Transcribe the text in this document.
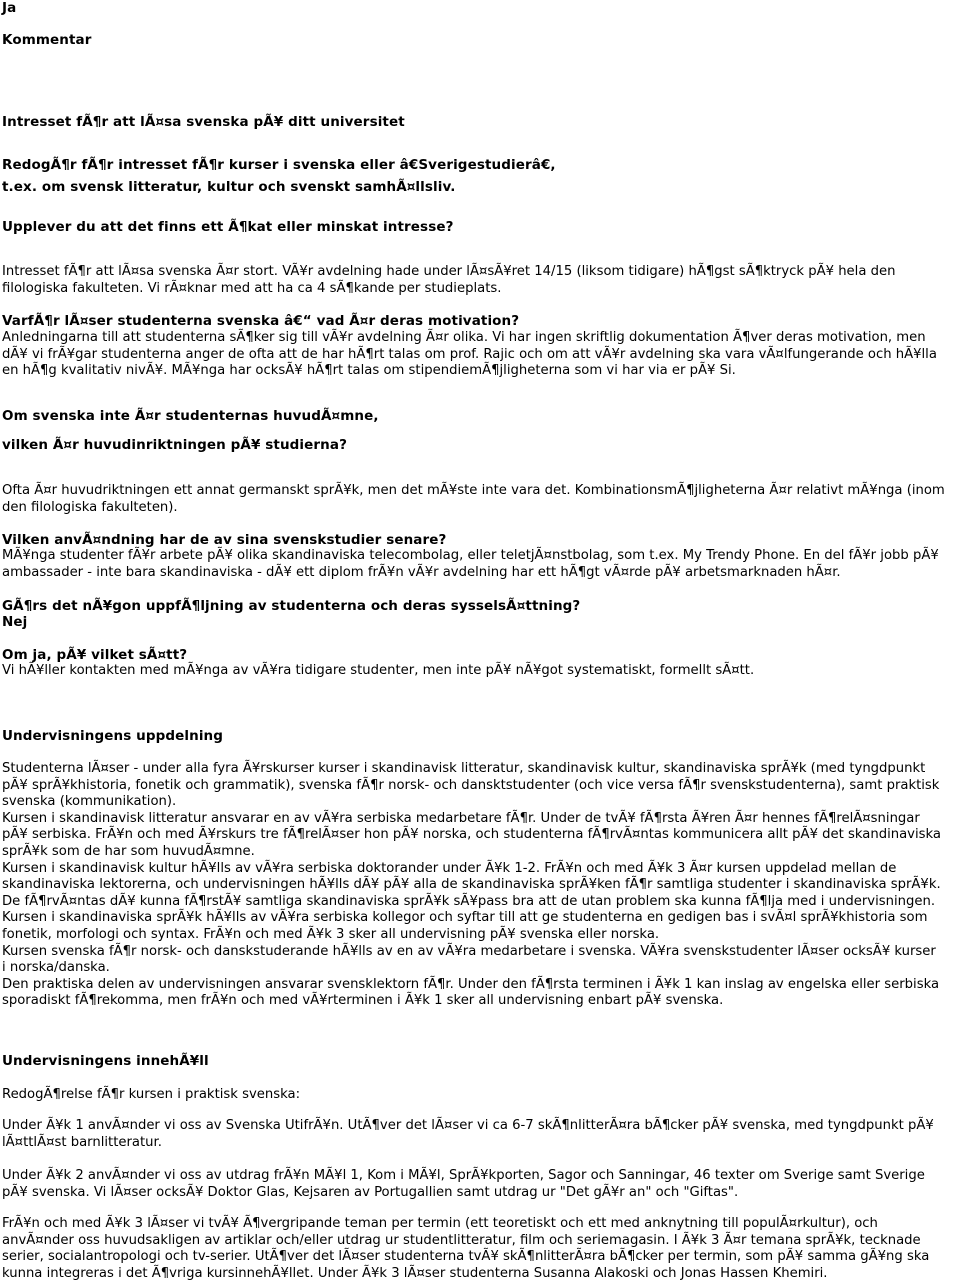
Ja
Kommentar
Intresset fÃ¶r att lÃ¤sa svenska pÃ¥ ditt universitet
RedogÃ¶r fÃ¶r intresset fÃ¶r kurser i svenska eller â€Sverigestudierâ€,
t.ex. om svensk litteratur, kultur och svenskt samhÃ¤llsliv.
Upplever du att det finns ett Ã¶kat eller minskat intresse?
Intresset fÃ¶r att lÃ¤sa svenska Ã¤r stort. VÃ¥r avdelning hade under lÃ¤sÃ¥ret 14/15 (liksom tidigare) hÃ¶gst sÃ¶ktryck pÃ¥ hela den
filologiska fakulteten. Vi rÃ¤knar med att ha ca 4 sÃ¶kande per studieplats.
VarfÃ¶r lÃ¤ser studenterna svenska â€“ vad Ã¤r deras motivation?
Anledningarna till att studenterna sÃ¶ker sig till vÃ¥r avdelning Ã¤r olika. Vi har ingen skriftlig dokumentation Ã¶ver deras motivation, men
dÃ¥ vi frÃ¥gar studenterna anger de ofta att de har hÃ¶rt talas om prof. Rajic och om att vÃ¥r avdelning ska vara vÃ¤lfungerande och hÃ¥lla
en hÃ¶g kvalitativ nivÃ¥. MÃ¥nga har ocksÃ¥ hÃ¶rt talas om stipendiemÃ¶jligheterna som vi har via er pÃ¥ Si.
Om svenska inte Ã¤r studenternas huvudÃ¤mne,
vilken Ã¤r huvudinriktningen pÃ¥ studierna?
Ofta Ã¤r huvudriktningen ett annat germanskt sprÃ¥k, men det mÃ¥ste inte vara det. KombinationsmÃ¶jligheterna Ã¤r relativt mÃ¥nga (inom
den filologiska fakulteten).
Vilken anvÃ¤ndning har de av sina svenskstudier senare?
MÃ¥nga studenter fÃ¥r arbete pÃ¥ olika skandinaviska telecombolag, eller teletjÃ¤nstbolag, som t.ex. My Trendy Phone. En del fÃ¥r jobb pÃ¥
ambassader - inte bara skandinaviska - dÃ¥ ett diplom frÃ¥n vÃ¥r avdelning har ett hÃ¶gt vÃ¤rde pÃ¥ arbetsmarknaden hÃ¤r.
GÃ¶rs det nÃ¥gon uppfÃ¶ljning av studenterna och deras sysselsÃ¤ttning?
Nej
Om ja, pÃ¥ vilket sÃ¤tt?
Vi hÃ¥ller kontakten med mÃ¥nga av vÃ¥ra tidigare studenter, men inte pÃ¥ nÃ¥got systematiskt, formellt sÃ¤tt.
Undervisningens uppdelning
Studenterna lÃ¤ser - under alla fyra Ã¥rskurser kurser i skandinavisk litteratur, skandinavisk kultur, skandinaviska sprÃ¥k (med tyngdpunkt
pÃ¥ sprÃ¥khistoria, fonetik och grammatik), svenska fÃ¶r norsk- och dansktstudenter (och vice versa fÃ¶r svenskstudenterna), samt praktisk
svenska (kommunikation).
Kursen i skandinavisk litteratur ansvarar en av vÃ¥ra serbiska medarbetare fÃ¶r. Under de tvÃ¥ fÃ¶rsta Ã¥ren Ã¤r hennes fÃ¶relÃ¤sningar
pÃ¥ serbiska. FrÃ¥n och med Ã¥rskurs tre fÃ¶relÃ¤ser hon pÃ¥ norska, och studenterna fÃ¶rvÃ¤ntas kommunicera allt pÃ¥ det skandinaviska
sprÃ¥k som de har som huvudÃ¤mne.
Kursen i skandinavisk kultur hÃ¥lls av vÃ¥ra serbiska doktorander under Ã¥k 1-2. FrÃ¥n och med Ã¥k 3 Ã¤r kursen uppdelad mellan de
skandinaviska lektorerna, och undervisningen hÃ¥lls dÃ¥ pÃ¥ alla de skandinaviska sprÃ¥ken fÃ¶r samtliga studenter i skandinaviska sprÃ¥k.
De fÃ¶rvÃ¤ntas dÃ¥ kunna fÃ¶rstÃ¥ samtliga skandinaviska sprÃ¥k sÃ¥pass bra att de utan problem ska kunna fÃ¶lja med i undervisningen.
Kursen i skandinaviska sprÃ¥k hÃ¥lls av vÃ¥ra serbiska kollegor och syftar till att ge studenterna en gedigen bas i svÃ¤l sprÃ¥khistoria som
fonetik, morfologi och syntax. FrÃ¥n och med Ã¥k 3 sker all undervisning pÃ¥ svenska eller norska.
Kursen svenska fÃ¶r norsk- och danskstuderande hÃ¥lls av en av vÃ¥ra medarbetare i svenska. VÃ¥ra svenskstudenter lÃ¤ser ocksÃ¥ kurser
i norska/danska.
Den praktiska delen av undervisningen ansvarar svensklektorn fÃ¶r. Under den fÃ¶rsta terminen i Ã¥k 1 kan inslag av engelska eller serbiska
sporadiskt fÃ¶rekomma, men frÃ¥n och med vÃ¥rterminen i Ã¥k 1 sker all undervisning enbart pÃ¥ svenska.
Undervisningens innehÃ¥ll
RedogÃ¶relse fÃ¶r kursen i praktisk svenska:
Under Ã¥k 1 anvÃ¤nder vi oss av Svenska UtifrÃ¥n. UtÃ¶ver det lÃ¤ser vi ca 6-7 skÃ¶nlitterÃ¤ra bÃ¶cker pÃ¥ svenska, med tyngdpunkt pÃ¥
lÃ¤ttlÃ¤st barnlitteratur.
Under Ã¥k 2 anvÃ¤nder vi oss av utdrag frÃ¥n MÃ¥l 1, Kom i MÃ¥l, SprÃ¥kporten, Sagor och Sanningar, 46 texter om Sverige samt Sverige
pÃ¥ svenska. Vi lÃ¤ser ocksÃ¥ Doktor Glas, Kejsaren av Portugallien samt utdrag ur "Det gÃ¥r an" och "Giftas".
FrÃ¥n och med Ã¥k 3 lÃ¤ser vi tvÃ¥ Ã¶vergripande teman per termin (ett teoretiskt och ett med anknytning till populÃ¤rkultur), och
anvÃ¤nder oss huvudsakligen av artiklar och/eller utdrag ur studentlitteratur, film och seriemagasin. I Ã¥k 3 Ã¤r temana sprÃ¥k, tecknade
serier, socialantropologi och tv-serier. UtÃ¶ver det lÃ¤ser studenterna tvÃ¥ skÃ¶nlitterÃ¤ra bÃ¶cker per termin, som pÃ¥ samma gÃ¥ng ska
kunna integreras i det Ã¶vriga kursinnehÃ¥llet. Under Ã¥k 3 lÃ¤ser studenterna Susanna Alakoski och Jonas Hassen Khemiri.
